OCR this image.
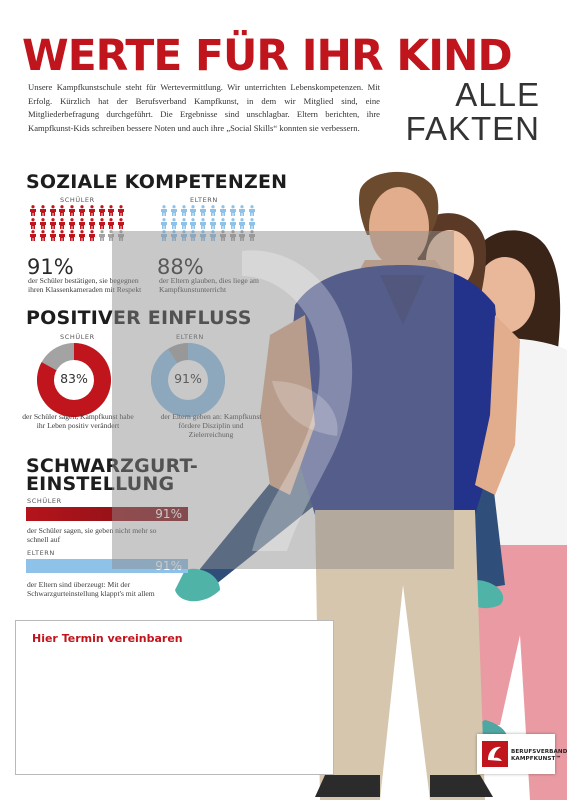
WERTE FÜR IHR KIND
Unsere Kampfkunstschule steht für Wertevermittlung. Wir unterrichten Lebenskompetenzen. Mit Erfolg. Kürzlich hat der Berufsverband Kampfkunst, in dem wir Mitglied sind, eine Mitgliederbefragung durchgeführt. Die Ergebnisse sind unschlagbar. Eltern berichten, ihre Kampfkunst-Kids schreiben bessere Noten und auch ihre „Social Skills“ konnten sie verbessern.
ALLE
FAKTEN
SOZIALE KOMPETENZEN
SCHÜLER
91%
der Schüler bestätigen, sie begegnen ihren Klassenkameraden mit Respekt
ELTERN
88%
der Eltern glauben, dies liege am Kampfkunstunterricht
POSITIVER EINFLUSS
SCHÜLER
83%
der Schüler sagen, Kampfkunst habe ihr Leben positiv verändert
ELTERN
91%
der Eltern geben an: Kampfkunst fördere Disziplin und Zielerreichung
SCHWARZGURT-
EINSTELLUNG
SCHÜLER
91%
der Schüler sagen, sie geben nicht mehr so schnell auf
ELTERN
91%
der Eltern sind überzeugt: Mit der Schwarzgurteinstellung klappt's mit allem
Hier Termin vereinbaren
BERUFSVERBAND
KAMPFKUNST™
